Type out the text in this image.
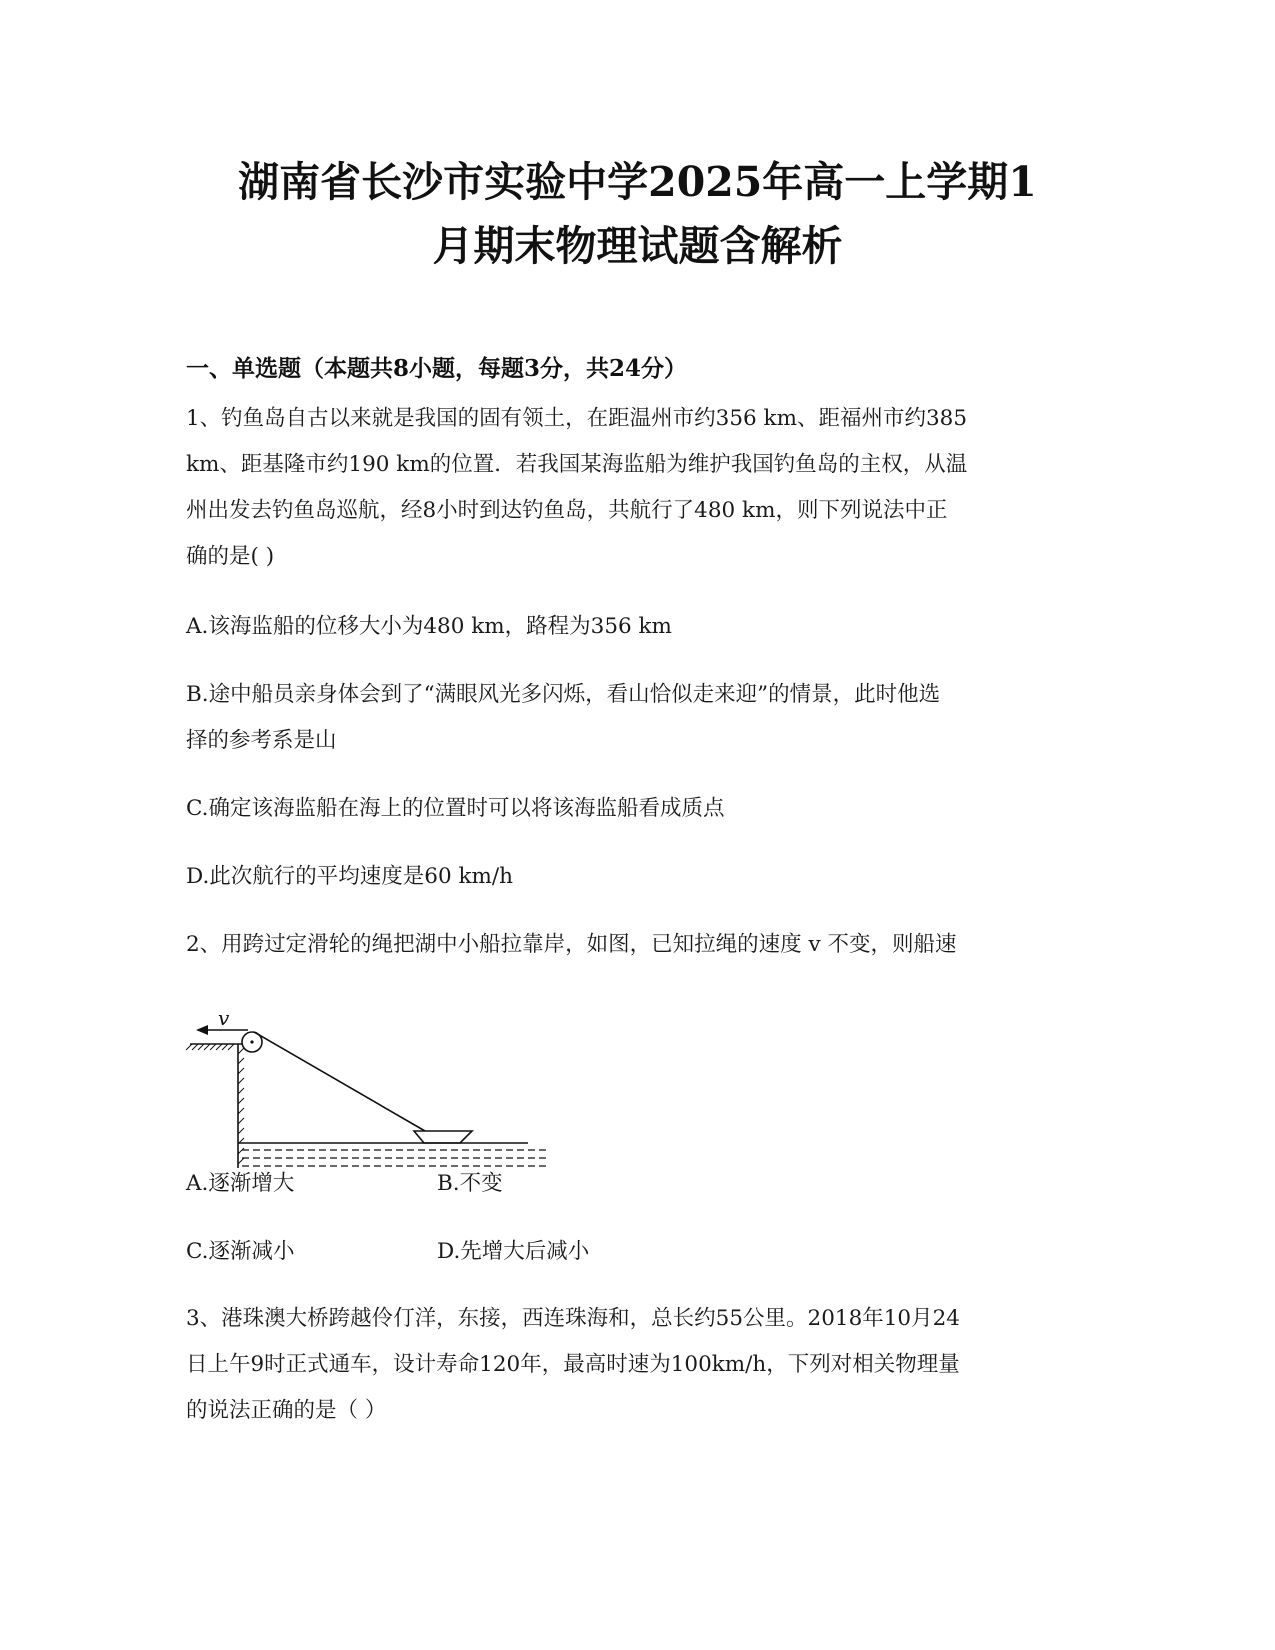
湖南省长沙市实验中学2025年高一上学期1
月期末物理试题含解析
一、单选题（本题共8小题，每题3分，共24分）
1、钓鱼岛自古以来就是我国的固有领土，在距温州市约356 km、距福州市约385
km、距基隆市约190 km的位置．若我国某海监船为维护我国钓鱼岛的主权，从温
州出发去钓鱼岛巡航，经8小时到达钓鱼岛，共航行了480 km，则下列说法中正
确的是( )
A.该海监船的位移大小为480 km，路程为356 km
B.途中船员亲身体会到了“满眼风光多闪烁，看山恰似走来迎”的情景，此时他选
择的参考系是山
C.确定该海监船在海上的位置时可以将该海监船看成质点
D.此次航行的平均速度是60 km/h
2、用跨过定滑轮的绳把湖中小船拉靠岸，如图，已知拉绳的速度 v 不变，则船速
v
A.逐渐增大	B.不变
C.逐渐减小	D.先增大后减小
3、港珠澳大桥跨越伶仃洋，东接，西连珠海和，总长约55公里。2018年10月24
日上午9时正式通车，设计寿命120年，最高时速为100km/h，下列对相关物理量
的说法正确的是（ ）
